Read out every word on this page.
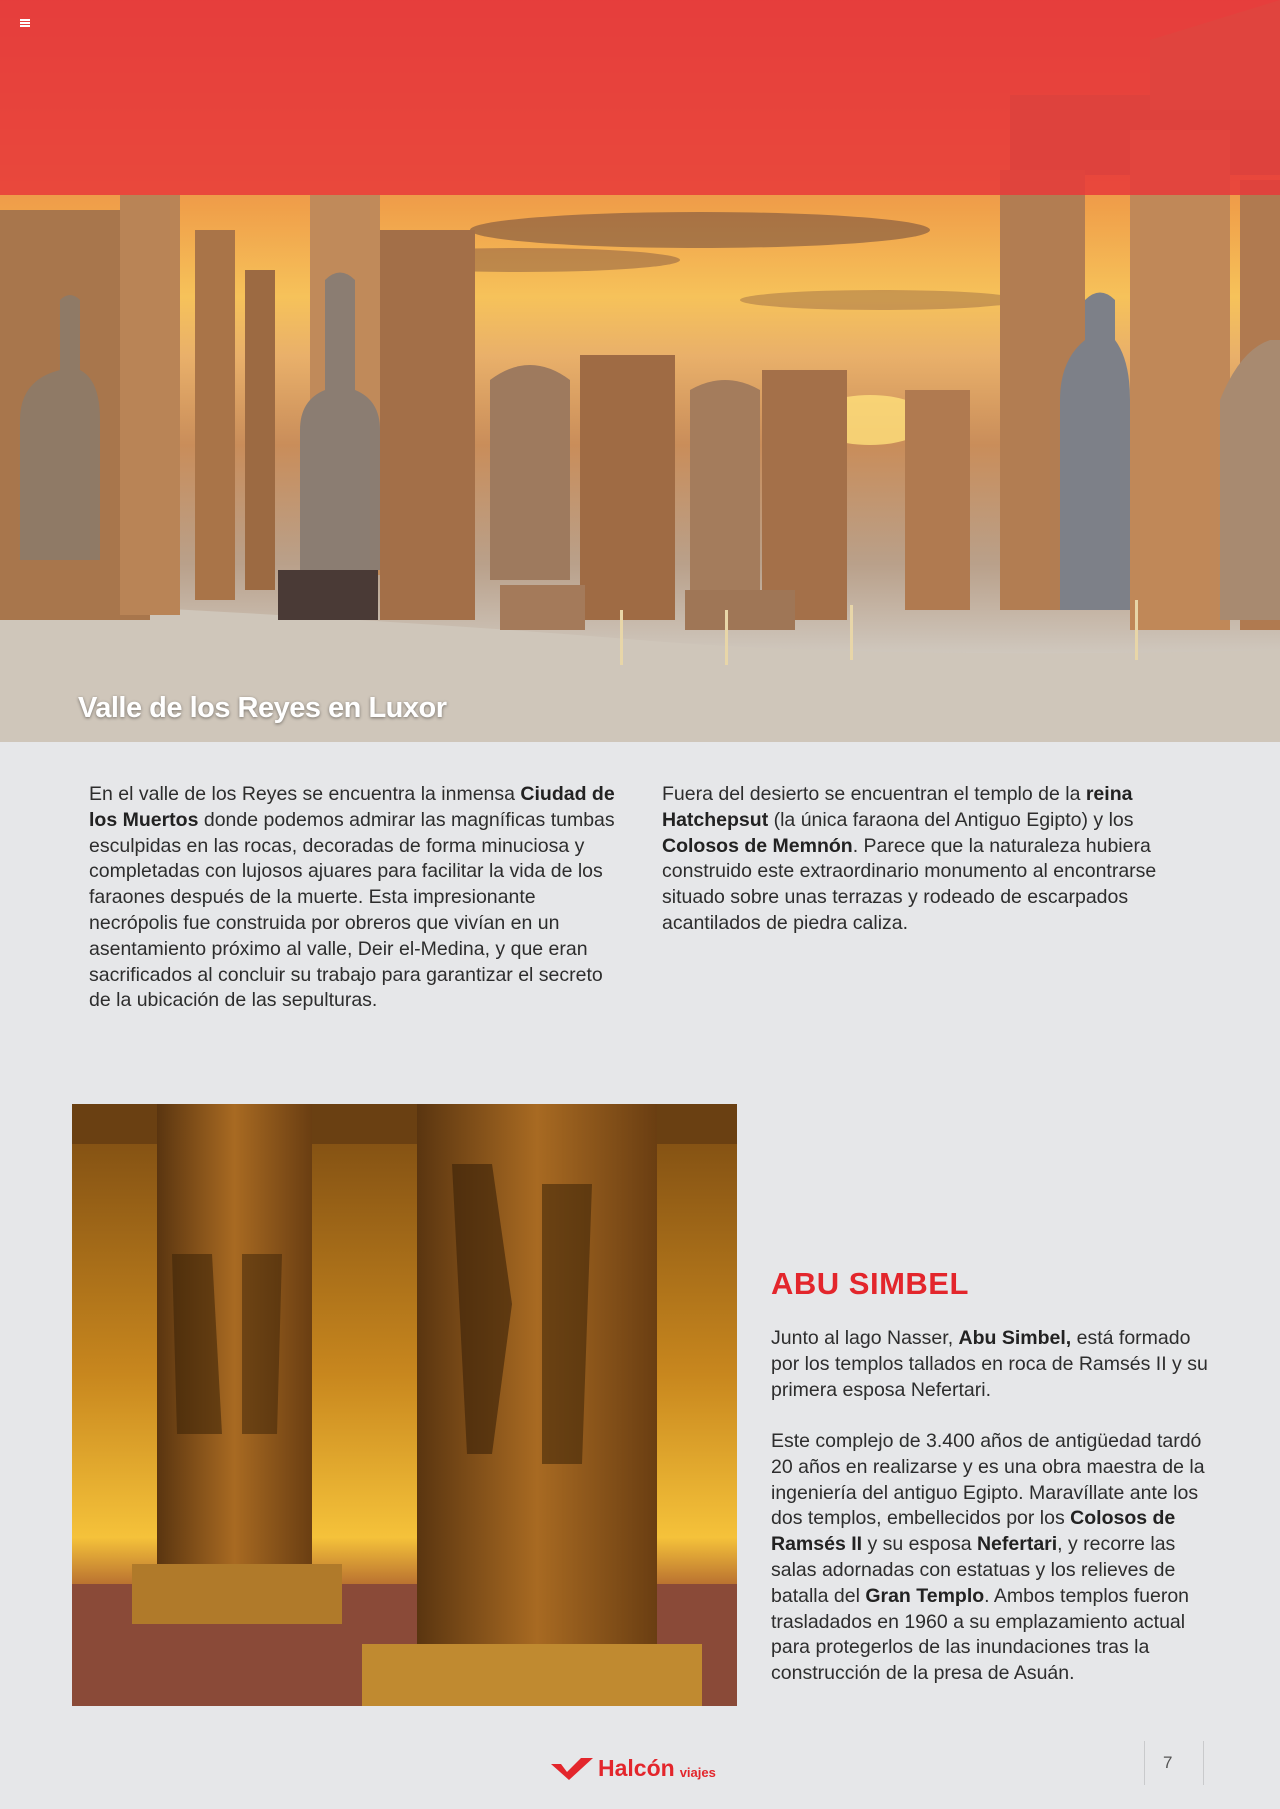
Valle de los Reyes en Luxor
En el valle de los Reyes se encuentra la inmensa Ciudad de los Muertos donde podemos admirar las magníficas tumbas esculpidas en las rocas, decoradas de forma minuciosa y completadas con lujosos ajuares para facilitar la vida de los faraones después de la muerte. Esta impresionante necrópolis fue construida por obreros que vivían en un asentamiento próximo al valle, Deir el-Medina, y que eran sacrificados al concluir su trabajo para garantizar el secreto de la ubicación de las sepulturas.
Fuera del desierto se encuentran el templo de la reina Hatchepsut (la única faraona del Antiguo Egipto) y los Colosos de Memnón. Parece que la naturaleza hubiera construido este extraordinario monumento al encontrarse situado sobre unas terrazas y rodeado de escarpados acantilados de piedra caliza.
ABU SIMBEL
Junto al lago Nasser, Abu Simbel, está formado por los templos tallados en roca de Ramsés II y su primera esposa Nefertari.
Este complejo de 3.400 años de antigüedad tardó 20 años en realizarse y es una obra maestra de la ingeniería del antiguo Egipto. Maravíllate ante los dos templos, embellecidos por los Colosos de Ramsés II y su esposa Nefertari, y recorre las salas adornadas con estatuas y los relieves de batalla del Gran Templo. Ambos templos fueron trasladados en 1960 a su emplazamiento actual para protegerlos de las inundaciones tras la construcción de la presa de Asuán.
Halcón viajes
7
